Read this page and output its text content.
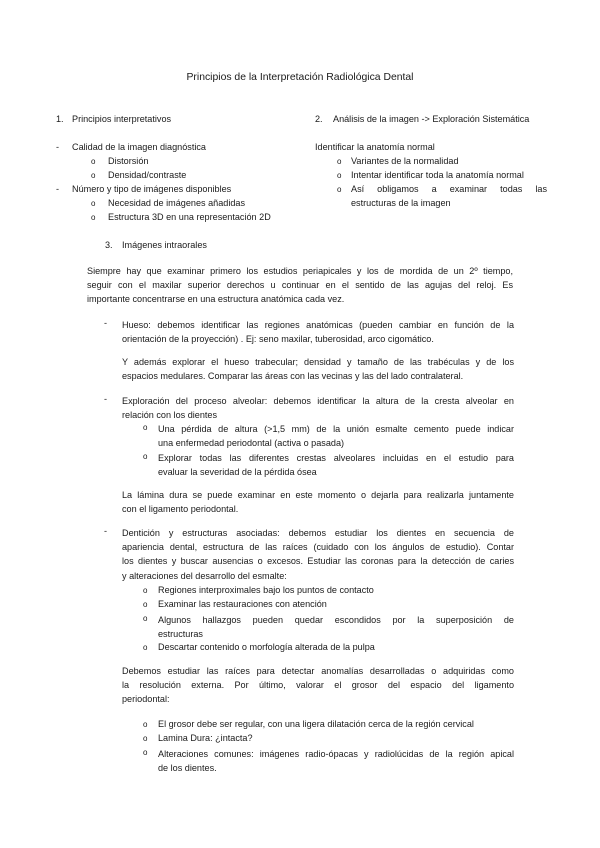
Principios de la Interpretación Radiológica Dental
1. Principios interpretativos
- Calidad de la imagen diagnóstica
o Distorsión
o Densidad/contraste
- Número y tipo de imágenes disponibles
o Necesidad de imágenes añadidas
o Estructura 3D en una representación 2D
2. Análisis de la imagen -> Exploración Sistemática
Identificar la anatomía normal
o Variantes de la normalidad
o Intentar identificar toda la anatomía normal
o Así obligamos a examinar todas las
estructuras de la imagen
3. Imágenes intraorales
Siempre hay que examinar primero los estudios periapicales y los de mordida de un 2º tiempo,
seguir con el maxilar superior derechos u continuar en el sentido de las agujas del reloj. Es
importante concentrarse en una estructura anatómica cada vez.
- Hueso: debemos identificar las regiones anatómicas (pueden cambiar en función de la
orientación de la proyección) . Ej: seno maxilar, tuberosidad, arco cigomático.
Y además explorar el hueso trabecular; densidad y tamaño de las trabéculas y de los
espacios medulares. Comparar las áreas con las vecinas y las del lado contralateral.
- Exploración del proceso alveolar: debemos identificar la altura de la cresta alveolar en
relación con los dientes
o Una pérdida de altura (>1,5 mm) de la unión esmalte cemento puede indicar
una enfermedad periodontal (activa o pasada)
o Explorar todas las diferentes crestas alveolares incluidas en el estudio para
evaluar la severidad de la pérdida ósea
La lámina dura se puede examinar en este momento o dejarla para realizarla juntamente
con el ligamento periodontal.
- Dentición y estructuras asociadas: debemos estudiar los dientes en secuencia de
apariencia dental, estructura de las raíces (cuidado con los ángulos de estudio). Contar
los dientes y buscar ausencias o excesos. Estudiar las coronas para la detección de caries
y alteraciones del desarrollo del esmalte:
o Regiones interproximales bajo los puntos de contacto
o Examinar las restauraciones con atención
o Algunos hallazgos pueden quedar escondidos por la superposición de
estructuras
o Descartar contenido o morfología alterada de la pulpa
Debemos estudiar las raíces para detectar anomalías desarrolladas o adquiridas como
la resolución externa. Por último, valorar el grosor del espacio del ligamento
periodontal:
o El grosor debe ser regular, con una ligera dilatación cerca de la región cervical
o Lamina Dura: ¿intacta?
o Alteraciones comunes: imágenes radio-ópacas y radiolúcidas de la región apical
de los dientes.
